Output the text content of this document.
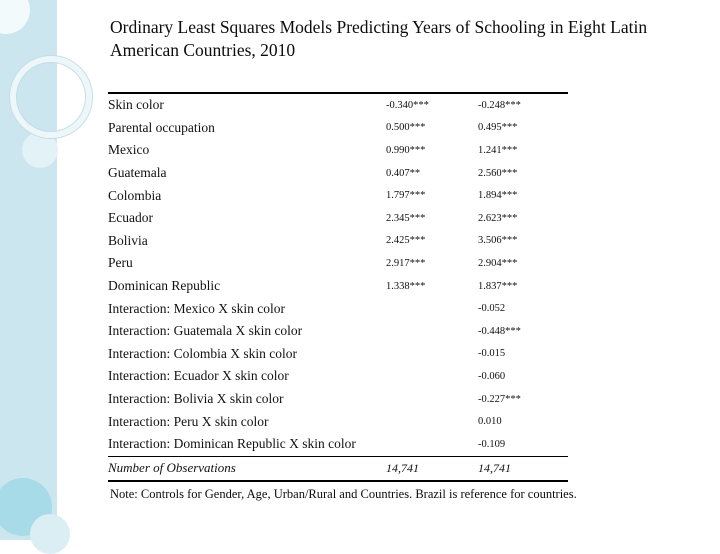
Ordinary Least Squares Models Predicting Years of Schooling in Eight Latin American Countries, 2010
Skin color	-0.340***	-0.248***
Parental occupation	0.500***	0.495***
Mexico	0.990***	1.241***
Guatemala	0.407**	2.560***
Colombia	1.797***	1.894***
Ecuador	2.345***	2.623***
Bolivia	2.425***	3.506***
Peru	2.917***	2.904***
Dominican Republic	1.338***	1.837***
Interaction: Mexico X skin color		-0.052
Interaction: Guatemala X skin color		-0.448***
Interaction: Colombia X skin color		-0.015
Interaction: Ecuador X skin color		-0.060
Interaction: Bolivia X skin color		-0.227***
Interaction: Peru X skin color		0.010
Interaction: Dominican Republic X skin color		-0.109
Number of Observations	14,741	14,741
Note: Controls for Gender, Age, Urban/Rural and Countries. Brazil is reference for countries.
